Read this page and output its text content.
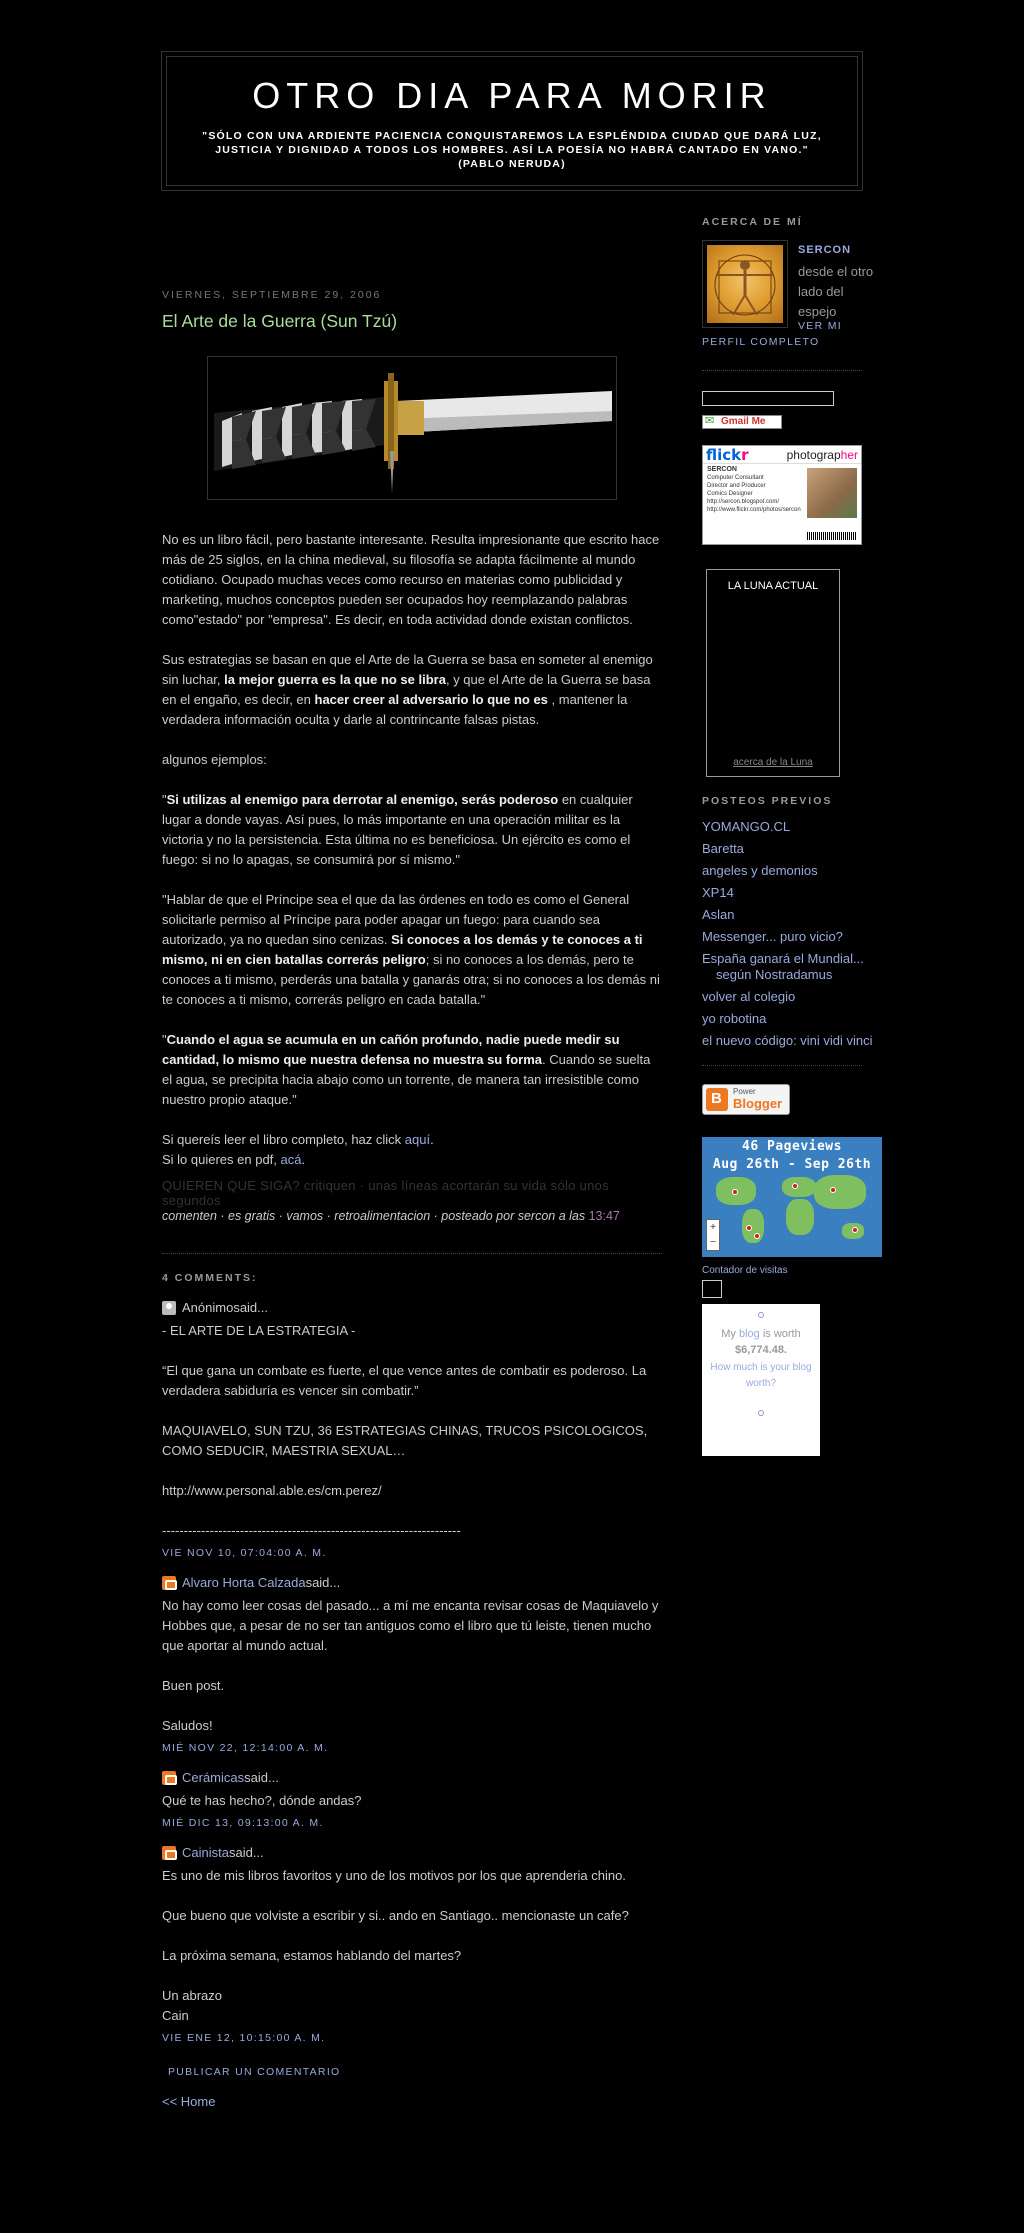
OTRO DIA PARA MORIR
"SÓLO CON UNA ARDIENTE PACIENCIA CONQUISTAREMOS LA ESPLÉNDIDA CIUDAD QUE DARÁ LUZ, JUSTICIA Y DIGNIDAD A TODOS LOS HOMBRES. ASÍ LA POESÍA NO HABRÁ CANTADO EN VANO." (PABLO NERUDA)
VIERNES, SEPTIEMBRE 29, 2006
El Arte de la Guerra (Sun Tzú)

No es un libro fácil, pero bastante interesante. Resulta impresionante que escrito hace más de 25 siglos, en la china medieval, su filosofía se adapta fácilmente al mundo cotidiano. Ocupado muchas veces como recurso en materias como publicidad y marketing, muchos conceptos pueden ser ocupados hoy reemplazando palabras como"estado" por "empresa". Es decir, en toda actividad donde existan conflictos.

Sus estrategias se basan en que el Arte de la Guerra se basa en someter al enemigo sin luchar, la mejor guerra es la que no se libra, y que el Arte de la Guerra se basa en el engaño, es decir, en hacer creer al adversario lo que no es , mantener la verdadera información oculta y darle al contrincante falsas pistas.

algunos ejemplos:

"Si utilizas al enemigo para derrotar al enemigo, serás poderoso en cualquier lugar a donde vayas. Así pues, lo más importante en una operación militar es la victoria y no la persistencia. Esta última no es beneficiosa. Un ejército es como el fuego: si no lo apagas, se consumirá por sí mismo."

"Hablar de que el Príncipe sea el que da las órdenes en todo es como el General solicitarle permiso al Príncipe para poder apagar un fuego: para cuando sea autorizado, ya no quedan sino cenizas. Si conoces a los demás y te conoces a ti mismo, ni en cien batallas correrás peligro; si no conoces a los demás, pero te conoces a ti mismo, perderás una batalla y ganarás otra; si no conoces a los demás ni te conoces a ti mismo, correrás peligro en cada batalla."

"Cuando el agua se acumula en un cañón profundo, nadie puede medir su cantidad, lo mismo que nuestra defensa no muestra su forma. Cuando se suelta el agua, se precipita hacia abajo como un torrente, de manera tan irresistible como nuestro propio ataque."

Si quereís leer el libro completo, haz click aquí.
Si lo quieres en pdf, acá.

QUIEREN QUE SIGA? critiquen · unas líneas acortarán su vida sólo unos segundos
comenten · es gratis · vamos · retroalimentacion · posteado por sercon a las 13:47
4 COMMENTS:
Anónimo said...

- EL ARTE DE LA ESTRATEGIA -

“El que gana un combate es fuerte, el que vence antes de combatir es poderoso. La verdadera sabiduría es vencer sin combatir.”

MAQUIAVELO, SUN TZU, 36 ESTRATEGIAS CHINAS, TRUCOS PSICOLOGICOS, COMO SEDUCIR, MAESTRIA SEXUAL…

http://www.personal.able.es/cm.perez/

---------------------------------------------------------------------

VIE NOV 10, 07:04:00 A. M.
Alvaro Horta Calzada said...

No hay como leer cosas del pasado... a mí me encanta revisar cosas de Maquiavelo y Hobbes que, a pesar de no ser tan antiguos como el libro que tú leiste, tienen mucho que aportar al mundo actual.

Buen post.

Saludos!

MIÉ NOV 22, 12:14:00 A. M.
Cerámicas said...

Qué te has hecho?, dónde andas?

MIÉ DIC 13, 09:13:00 A. M.
Cainista said...

Es uno de mis libros favoritos y uno de los motivos por los que aprenderia chino.

Que bueno que volviste a escribir y si.. ando en Santiago.. mencionaste un cafe?

La próxima semana, estamos hablando del martes?

Un abrazo
Cain

VIE ENE 12, 10:15:00 A. M.
PUBLICAR UN COMENTARIO
<< Home
ACERCA DE MÍ
SERCON
desde el otro lado del espejo
VER MI
PERFIL COMPLETO
✉ Gmail Me
flickr	photographer
SERCON
Computer Consultant
Director and Producer
Comics Designer
http://sercon.blogspot.com/
http://www.flickr.com/photos/sercon
LA LUNA ACTUAL
acerca de la Luna
POSTEOS PREVIOS
YOMANGO.CL
Baretta
angeles y demonios
XP14
Aslan
Messenger... puro vicio?
España ganará el Mundial... según Nostradamus
volver al colegio
yo robotina
el nuevo código: vini vidi vinci
B
Power
Blogger
46 Pageviews
Aug 26th - Sep 26th
+
−
Contador de visitas
My blog is worth
$6,774.48.
How much is your blog worth?
